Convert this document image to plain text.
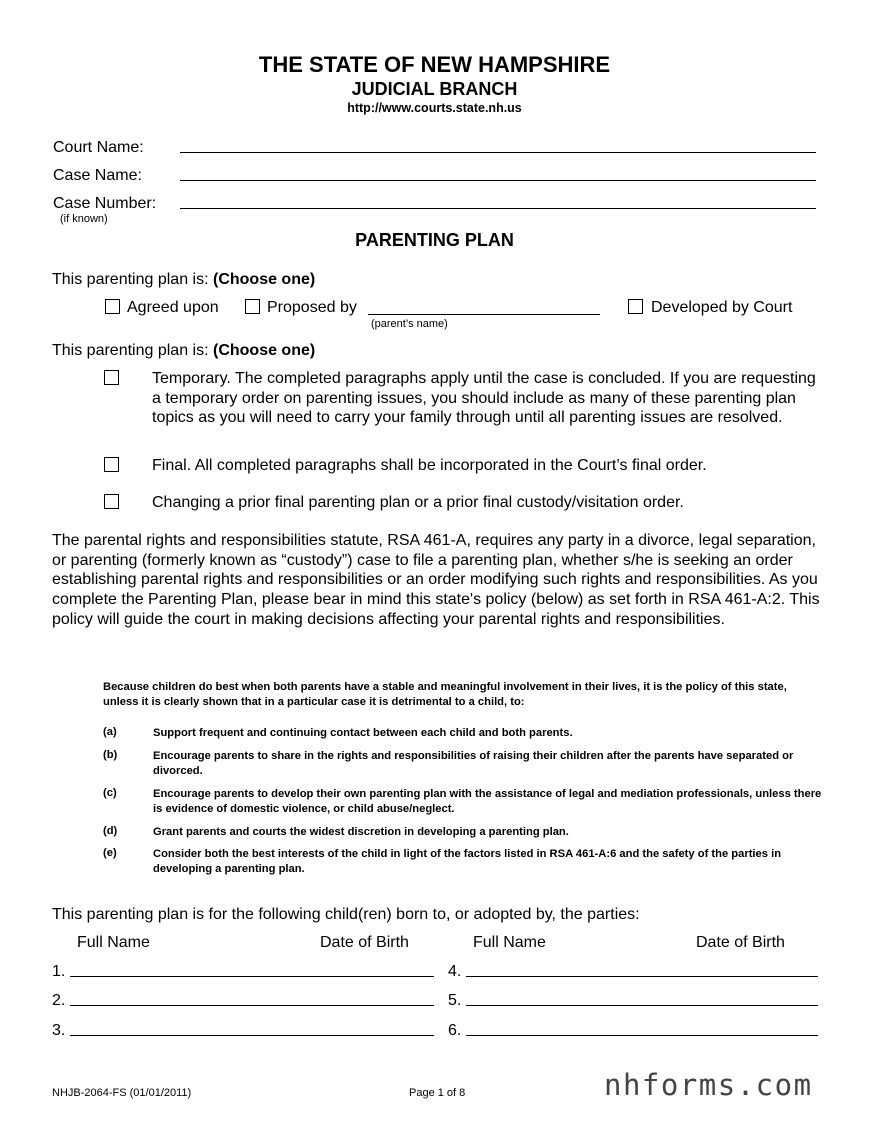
THE STATE OF NEW HAMPSHIRE
JUDICIAL BRANCH
http://www.courts.state.nh.us
Court Name:
Case Name:
Case Number:
(if known)
PARENTING PLAN
This parenting plan is: (Choose one)
Agreed upon	Proposed by
(parent’s name)
Developed by Court
This parenting plan is: (Choose one)
Temporary. The completed paragraphs apply until the case is concluded. If you are requesting a temporary order on parenting issues, you should include as many of these parenting plan topics as you will need to carry your family through until all parenting issues are resolved.
Final. All completed paragraphs shall be incorporated in the Court’s final order.
Changing a prior final parenting plan or a prior final custody/visitation order.
The parental rights and responsibilities statute, RSA 461-A, requires any party in a divorce, legal separation, or parenting (formerly known as “custody”) case to file a parenting plan, whether s/he is seeking an order establishing parental rights and responsibilities or an order modifying such rights and responsibilities. As you complete the Parenting Plan, please bear in mind this state's policy (below) as set forth in RSA 461-A:2. This policy will guide the court in making decisions affecting your parental rights and responsibilities.
Because children do best when both parents have a stable and meaningful involvement in their lives, it is the policy of this state, unless it is clearly shown that in a particular case it is detrimental to a child, to:
(a)	Support frequent and continuing contact between each child and both parents.
(b)	Encourage parents to share in the rights and responsibilities of raising their children after the parents have separated or divorced.
(c)	Encourage parents to develop their own parenting plan with the assistance of legal and mediation professionals, unless there is evidence of domestic violence, or child abuse/neglect.
(d)	Grant parents and courts the widest discretion in developing a parenting plan.
(e)	Consider both the best interests of the child in light of the factors listed in RSA 461-A:6 and the safety of the parties in developing a parenting plan.
This parenting plan is for the following child(ren) born to, or adopted by, the parties:
Full Name	Date of Birth	Full Name	Date of Birth
1.	4.
2.	5.
3.	6.
NHJB-2064-FS (01/01/2011)	Page 1 of 8	nhforms.com
